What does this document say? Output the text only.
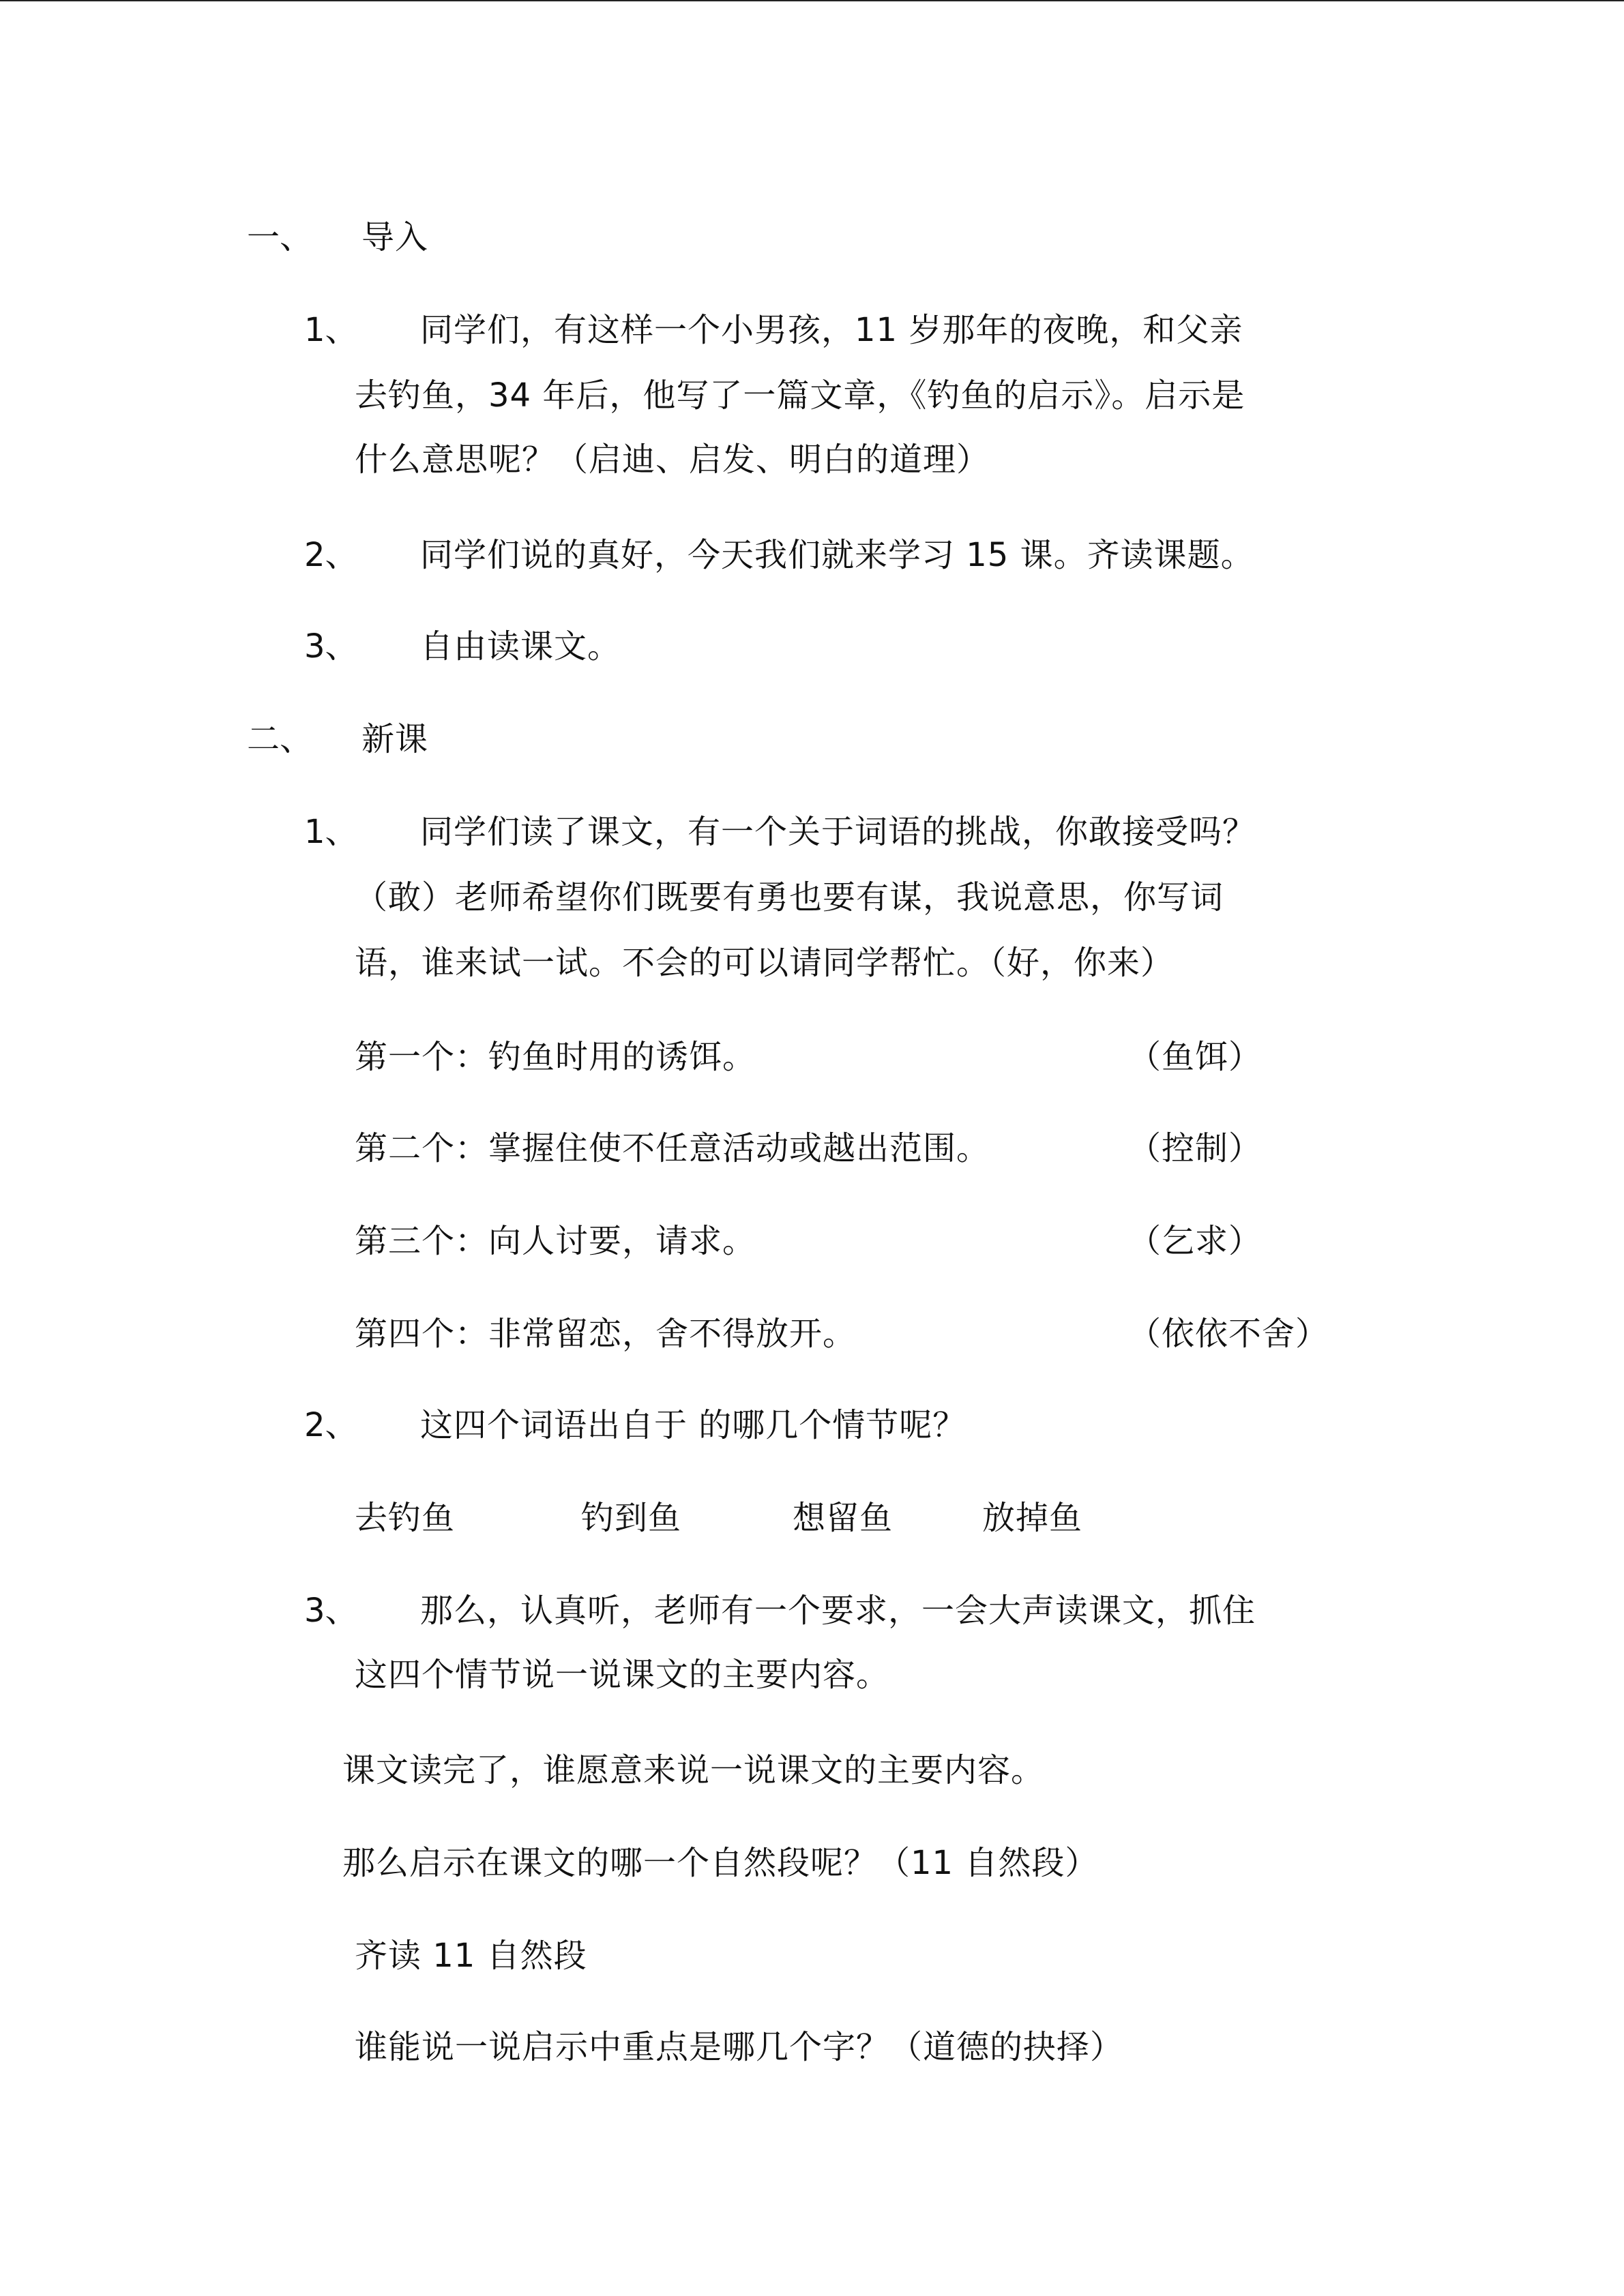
一、 导入
1、 同学们，有这样一个小男孩，11 岁那年的夜晚，和父亲
去钓鱼，34 年后，他写了一篇文章，《钓鱼的启示》。启示是
什么意思呢？（启迪、启发、明白的道理）
2、 同学们说的真好，今天我们就来学习 15 课。齐读课题。
3、 自由读课文。
二、 新课
1、 同学们读了课文，有一个关于词语的挑战，你敢接受吗？
（敢）老师希望你们既要有勇也要有谋，我说意思，你写词
语，谁来试一试。不会的可以请同学帮忙。（好，你来）
第一个：钓鱼时用的诱饵。	（鱼饵）
第二个：掌握住使不任意活动或越出范围。	（控制）
第三个：向人讨要，请求。	（乞求）
第四个：非常留恋，舍不得放开。	（依依不舍）
2、 这四个词语出自于 的哪几个情节呢？
去钓鱼	钓到鱼	想留鱼	放掉鱼
3、 那么，认真听，老师有一个要求，一会大声读课文，抓住
这四个情节说一说课文的主要内容。
课文读完了，谁愿意来说一说课文的主要内容。
那么启示在课文的哪一个自然段呢？（11 自然段）
齐读 11 自然段
谁能说一说启示中重点是哪几个字？（道德的抉择）
